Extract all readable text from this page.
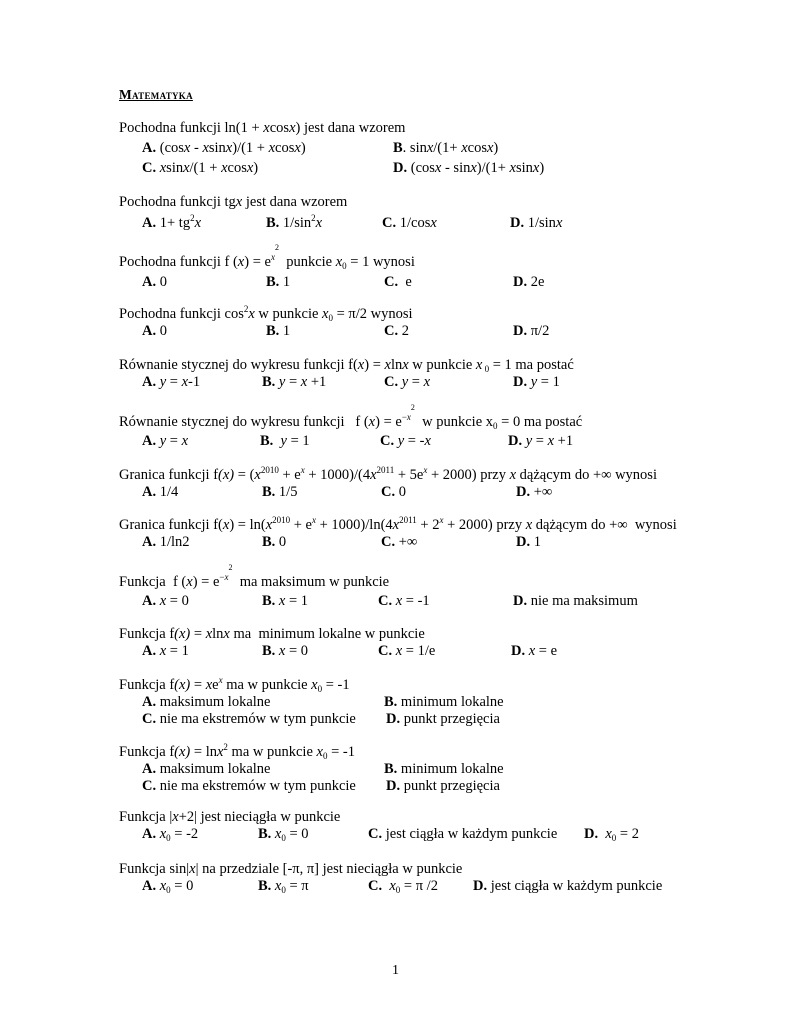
Matematyka
Pochodna funkcji ln(1 + xcosx) jest dana wzorem
A. (cosx - xsinx)/(1 + xcosx)	B. sinx/(1+ xcosx)
C. xsinx/(1 + xcosx)	D. (cosx - sinx)/(1+ xsinx)
Pochodna funkcji tgx jest dana wzorem
A. $1+ tg^2x$	B. $1/\sin^2x$	C. 1/cosx	D. 1/sinx
Pochodna funkcji f $(x) = e^{x2}$  punkcie $x_0 = 1$ wynosi
A. 0	B. 1	C.  e	D. 2e
Pochodna funkcji $\cos^2x$ w punkcie $x_0 = \pi/2$ wynosi
A. 0	B. 1	C. 2	D. π/2
Równanie stycznej do wykresu funkcji f(x) = xlnx w punkcie x $_0$ = 1 ma postać
A. y = x-1	B. y = x +1	C. y = x	D. y = 1
Równanie stycznej do wykresu funkcji   f $(x) = e^{-x2}$  w punkcie $x_0 = 0$ ma postać
A. y = x	B. y = 1	C. y = -x	D. y = x +1
Granica funkcji $f(x) = (x^{2010} + e^x + 1000)/(4x^{2011} + 5e^x + 2000)$ przy x dążącym do +∞ wynosi
A. 1/4	B. 1/5	C. 0	D. +∞
Granica funkcji $f(x) = \ln(x^{2010} + e^x + 1000)/\ln(4x^{2011} + 2^x + 2000)$ przy x dążącym do +∞  wynosi
A. 1/ln2	B. 0	C. +∞	D. 1
Funkcja  f $(x) = e^{-x2}$  ma maksimum w punkcie
A. x = 0	B. x = 1	C. x = -1	D. nie ma maksimum
Funkcja f(x) = xlnx ma  minimum lokalne w punkcie
A. x = 1	B. x = 0	C. x = 1/e	D. x = e
Funkcja $f(x) = xe^x$ ma w punkcie $x_0 = -1$
A. maksimum lokalne	B. minimum lokalne
C. nie ma ekstremów w tym punkcie D. punkt przegięcia
Funkcja f(x) = lnx$^2$ ma w punkcie $x_0 = -1$
A. maksimum lokalne	B. minimum lokalne
C. nie ma ekstremów w tym punkcie D. punkt przegięcia
Funkcja |x+2| jest nieciągła w punkcie
A. $x_0 = -2$	B. $x_0 = 0$	C. jest ciągła w każdym punkcie D. $x_0 = 2$
Funkcja sin|x| na przedziale [-π, π] jest nieciągła w punkcie
A. $x_0 = 0$	B. $x_0 = \pi$	C. $x_0 = \pi$ /2 D. jest ciągła w każdym punkcie
1
